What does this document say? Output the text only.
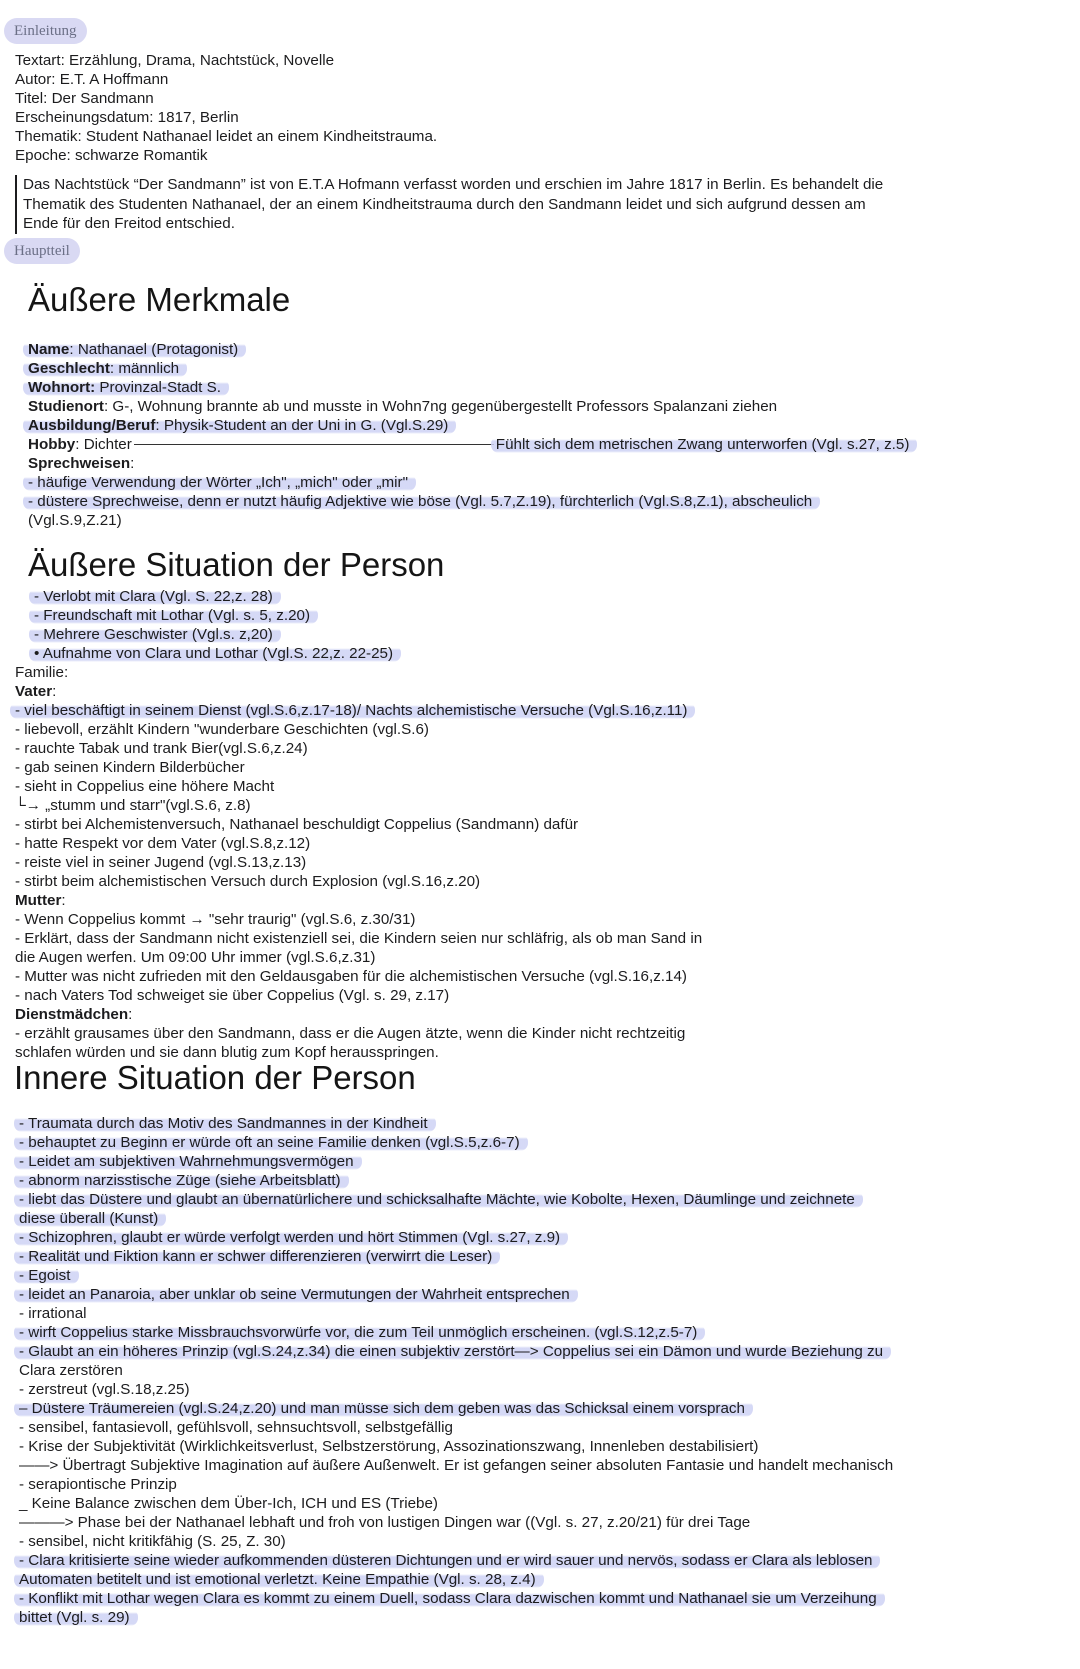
Einleitung
Textart: Erzählung, Drama, Nachtstück, Novelle
Autor: E.T. A Hoffmann
Titel: Der Sandmann
Erscheinungsdatum: 1817, Berlin
Thematik: Student Nathanael leidet an einem Kindheitstrauma.
Epoche: schwarze Romantik
Das Nachtstück “Der Sandmann” ist von E.T.A Hofmann verfasst worden und erschien im Jahre 1817 in Berlin. Es behandelt die
Thematik des Studenten Nathanael, der an einem Kindheitstrauma durch den Sandmann leidet und sich aufgrund dessen am
Ende für den Freitod entschied.
Hauptteil
Äußere Merkmale
Name: Nathanael (Protagonist)
Geschlecht: männlich
Wohnort: Provinzal-Stadt S.
Studienort: G-, Wohnung brannte ab und musste in Wohn7ng gegenübergestellt Professors Spalanzani ziehen
Ausbildung/Beruf: Physik-Student an der Uni in G. (Vgl.S.29)
Hobby: Dichter	Fühlt sich dem metrischen Zwang unterworfen (Vgl. s.27, z.5)
Sprechweisen:
- häufige Verwendung der Wörter „Ich", „mich" oder „mir"
- düstere Sprechweise, denn er nutzt häufig Adjektive wie böse (Vgl. 5.7,Z.19), fürchterlich (Vgl.S.8,Z.1), abscheulich
(Vgl.S.9,Z.21)
Äußere Situation der Person
- Verlobt mit Clara (Vgl. S. 22,z. 28)
- Freundschaft mit Lothar (Vgl. s. 5, z.20)
- Mehrere Geschwister (Vgl.s. z,20)
• Aufnahme von Clara und Lothar (Vgl.S. 22,z. 22-25)
Familie:
Vater:
- viel beschäftigt in seinem Dienst (vgl.S.6,z.17-18)/ Nachts alchemistische Versuche (Vgl.S.16,z.11)
- liebevoll, erzählt Kindern "wunderbare Geschichten (vgl.S.6)
- rauchte Tabak und trank Bier(vgl.S.6,z.24)
- gab seinen Kindern Bilderbücher
- sieht in Coppelius eine höhere Macht
└→ „stumm und starr"(vgl.S.6, z.8)
- stirbt bei Alchemistenversuch, Nathanael beschuldigt Coppelius (Sandmann) dafür
- hatte Respekt vor dem Vater (vgl.S.8,z.12)
- reiste viel in seiner Jugend (vgl.S.13,z.13)
- stirbt beim alchemistischen Versuch durch Explosion (vgl.S.16,z.20)
Mutter:
- Wenn Coppelius kommt → "sehr traurig" (vgl.S.6, z.30/31)
- Erklärt, dass der Sandmann nicht existenziell sei, die Kindern seien nur schläfrig, als ob man Sand in
die Augen werfen. Um 09:00 Uhr immer (vgl.S.6,z.31)
- Mutter was nicht zufrieden mit den Geldausgaben für die alchemistischen Versuche (vgl.S.16,z.14)
- nach Vaters Tod schweiget sie über Coppelius (Vgl. s. 29, z.17)
Dienstmädchen:
- erzählt grausames über den Sandmann, dass er die Augen ätzte, wenn die Kinder nicht rechtzeitig
schlafen würden und sie dann blutig zum Kopf herausspringen.
Innere Situation der Person
- Traumata durch das Motiv des Sandmannes in der Kindheit
- behauptet zu Beginn er würde oft an seine Familie denken (vgl.S.5,z.6-7)
- Leidet am subjektiven Wahrnehmungsvermögen
- abnorm narzisstische Züge (siehe Arbeitsblatt)
- liebt das Düstere und glaubt an übernatürlichere und schicksalhafte Mächte, wie Kobolte, Hexen, Däumlinge und zeichnete
diese überall (Kunst)
- Schizophren, glaubt er würde verfolgt werden und hört Stimmen (Vgl. s.27, z.9)
- Realität und Fiktion kann er schwer differenzieren (verwirrt die Leser)
- Egoist
- leidet an Panaroia, aber unklar ob seine Vermutungen der Wahrheit entsprechen
- irrational
- wirft Coppelius starke Missbrauchsvorwürfe vor, die zum Teil unmöglich erscheinen. (vgl.S.12,z.5-7)
- Glaubt an ein höheres Prinzip (vgl.S.24,z.34) die einen subjektiv zerstört—> Coppelius sei ein Dämon und wurde Beziehung zu
Clara zerstören
- zerstreut (vgl.S.18,z.25)
– Düstere Träumereien (vgl.S.24,z.20) und man müsse sich dem geben was das Schicksal einem vorsprach
- sensibel, fantasievoll, gefühlsvoll, sehnsuchtsvoll, selbstgefällig
- Krise der Subjektivität (Wirklichkeitsverlust, Selbstzerstörung, Assozinationszwang, Innenleben destabilisiert)
——> Übertragt Subjektive Imagination auf äußere Außenwelt. Er ist gefangen seiner absoluten Fantasie und handelt mechanisch
- serapiontische Prinzip
_ Keine Balance zwischen dem Über-Ich, ICH und ES (Triebe)
———> Phase bei der Nathanael lebhaft und froh von lustigen Dingen war ((Vgl. s. 27, z.20/21) für drei Tage
- sensibel, nicht kritikfähig (S. 25, Z. 30)
- Clara kritisierte seine wieder aufkommenden düsteren Dichtungen und er wird sauer und nervös, sodass er Clara als leblosen
Automaten betitelt und ist emotional verletzt. Keine Empathie (Vgl. s. 28, z.4)
- Konflikt mit Lothar wegen Clara es kommt zu einem Duell, sodass Clara dazwischen kommt und Nathanael sie um Verzeihung
bittet (Vgl. s. 29)
